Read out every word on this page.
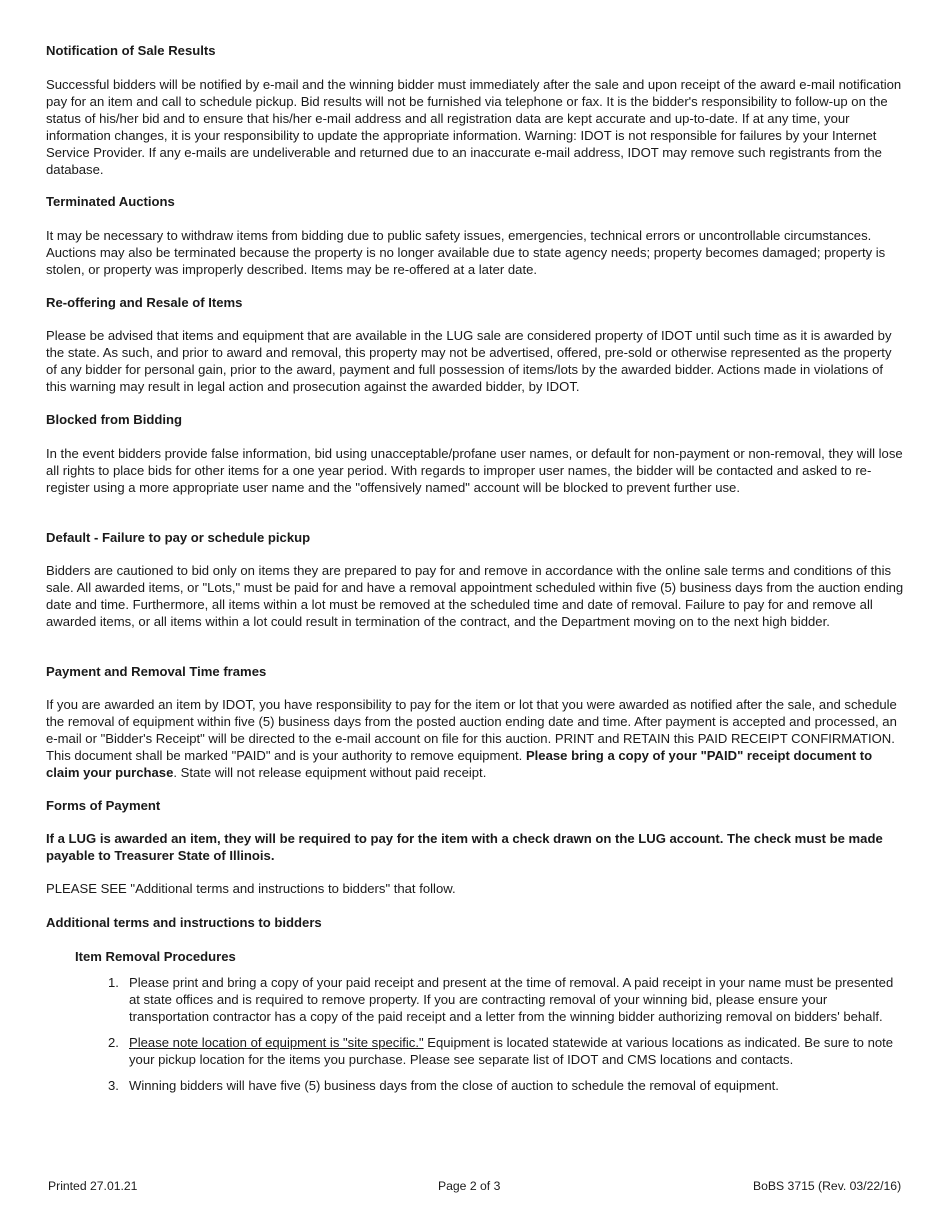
Notification of Sale Results

Successful bidders will be notified by e-mail and the winning bidder must immediately after the sale and upon receipt of the award e-mail notification pay for an item and call to schedule pickup. Bid results will not be furnished via telephone or fax. It is the bidder's responsibility to follow-up on the status of his/her bid and to ensure that his/her e-mail address and all registration data are kept accurate and up-to-date. If at any time, your information changes, it is your responsibility to update the appropriate information. Warning: IDOT is not responsible for failures by your Internet Service Provider. If any e-mails are undeliverable and returned due to an inaccurate e-mail address, IDOT may remove such registrants from the database.

Terminated Auctions

It may be necessary to withdraw items from bidding due to public safety issues, emergencies, technical errors or uncontrollable circumstances. Auctions may also be terminated because the property is no longer available due to state agency needs; property becomes damaged; property is stolen, or property was improperly described. Items may be re-offered at a later date.

Re-offering and Resale of Items

Please be advised that items and equipment that are available in the LUG sale are considered property of IDOT until such time as it is awarded by the state. As such, and prior to award and removal, this property may not be advertised, offered, pre-sold or otherwise represented as the property of any bidder for personal gain, prior to the award, payment and full possession of items/lots by the awarded bidder. Actions made in violations of this warning may result in legal action and prosecution against the awarded bidder, by IDOT.

Blocked from Bidding

In the event bidders provide false information, bid using unacceptable/profane user names, or default for non-payment or non-removal, they will lose all rights to place bids for other items for a one year period. With regards to improper user names, the bidder will be contacted and asked to re-register using a more appropriate user name and the "offensively named" account will be blocked to prevent further use.

Default - Failure to pay or schedule pickup

Bidders are cautioned to bid only on items they are prepared to pay for and remove in accordance with the online sale terms and conditions of this sale. All awarded items, or "Lots," must be paid for and have a removal appointment scheduled within five (5) business days from the auction ending date and time. Furthermore, all items within a lot must be removed at the scheduled time and date of removal. Failure to pay for and remove all awarded items, or all items within a lot could result in termination of the contract, and the Department moving on to the next high bidder.

Payment and Removal Time frames

If you are awarded an item by IDOT, you have responsibility to pay for the item or lot that you were awarded as notified after the sale, and schedule the removal of equipment within five (5) business days from the posted auction ending date and time. After payment is accepted and processed, an e-mail or "Bidder's Receipt" will be directed to the e-mail account on file for this auction. PRINT and RETAIN this PAID RECEIPT CONFIRMATION. This document shall be marked "PAID" and is your authority to remove equipment. Please bring a copy of your "PAID" receipt document to claim your purchase. State will not release equipment without paid receipt.

Forms of Payment

If a LUG is awarded an item, they will be required to pay for the item with a check drawn on the LUG account. The check must be made payable to Treasurer State of Illinois.

PLEASE SEE "Additional terms and instructions to bidders" that follow.

Additional terms and instructions to bidders

Item Removal Procedures

1. Please print and bring a copy of your paid receipt and present at the time of removal. A paid receipt in your name must be presented at state offices and is required to remove property. If you are contracting removal of your winning bid, please ensure your transportation contractor has a copy of the paid receipt and a letter from the winning bidder authorizing removal on bidders' behalf.
2. Please note location of equipment is "site specific." Equipment is located statewide at various locations as indicated. Be sure to note your pickup location for the items you purchase. Please see separate list of IDOT and CMS locations and contacts.
3. Winning bidders will have five (5) business days from the close of auction to schedule the removal of equipment.
Printed 27.01.21	Page 2 of 3	BoBS 3715 (Rev. 03/22/16)
